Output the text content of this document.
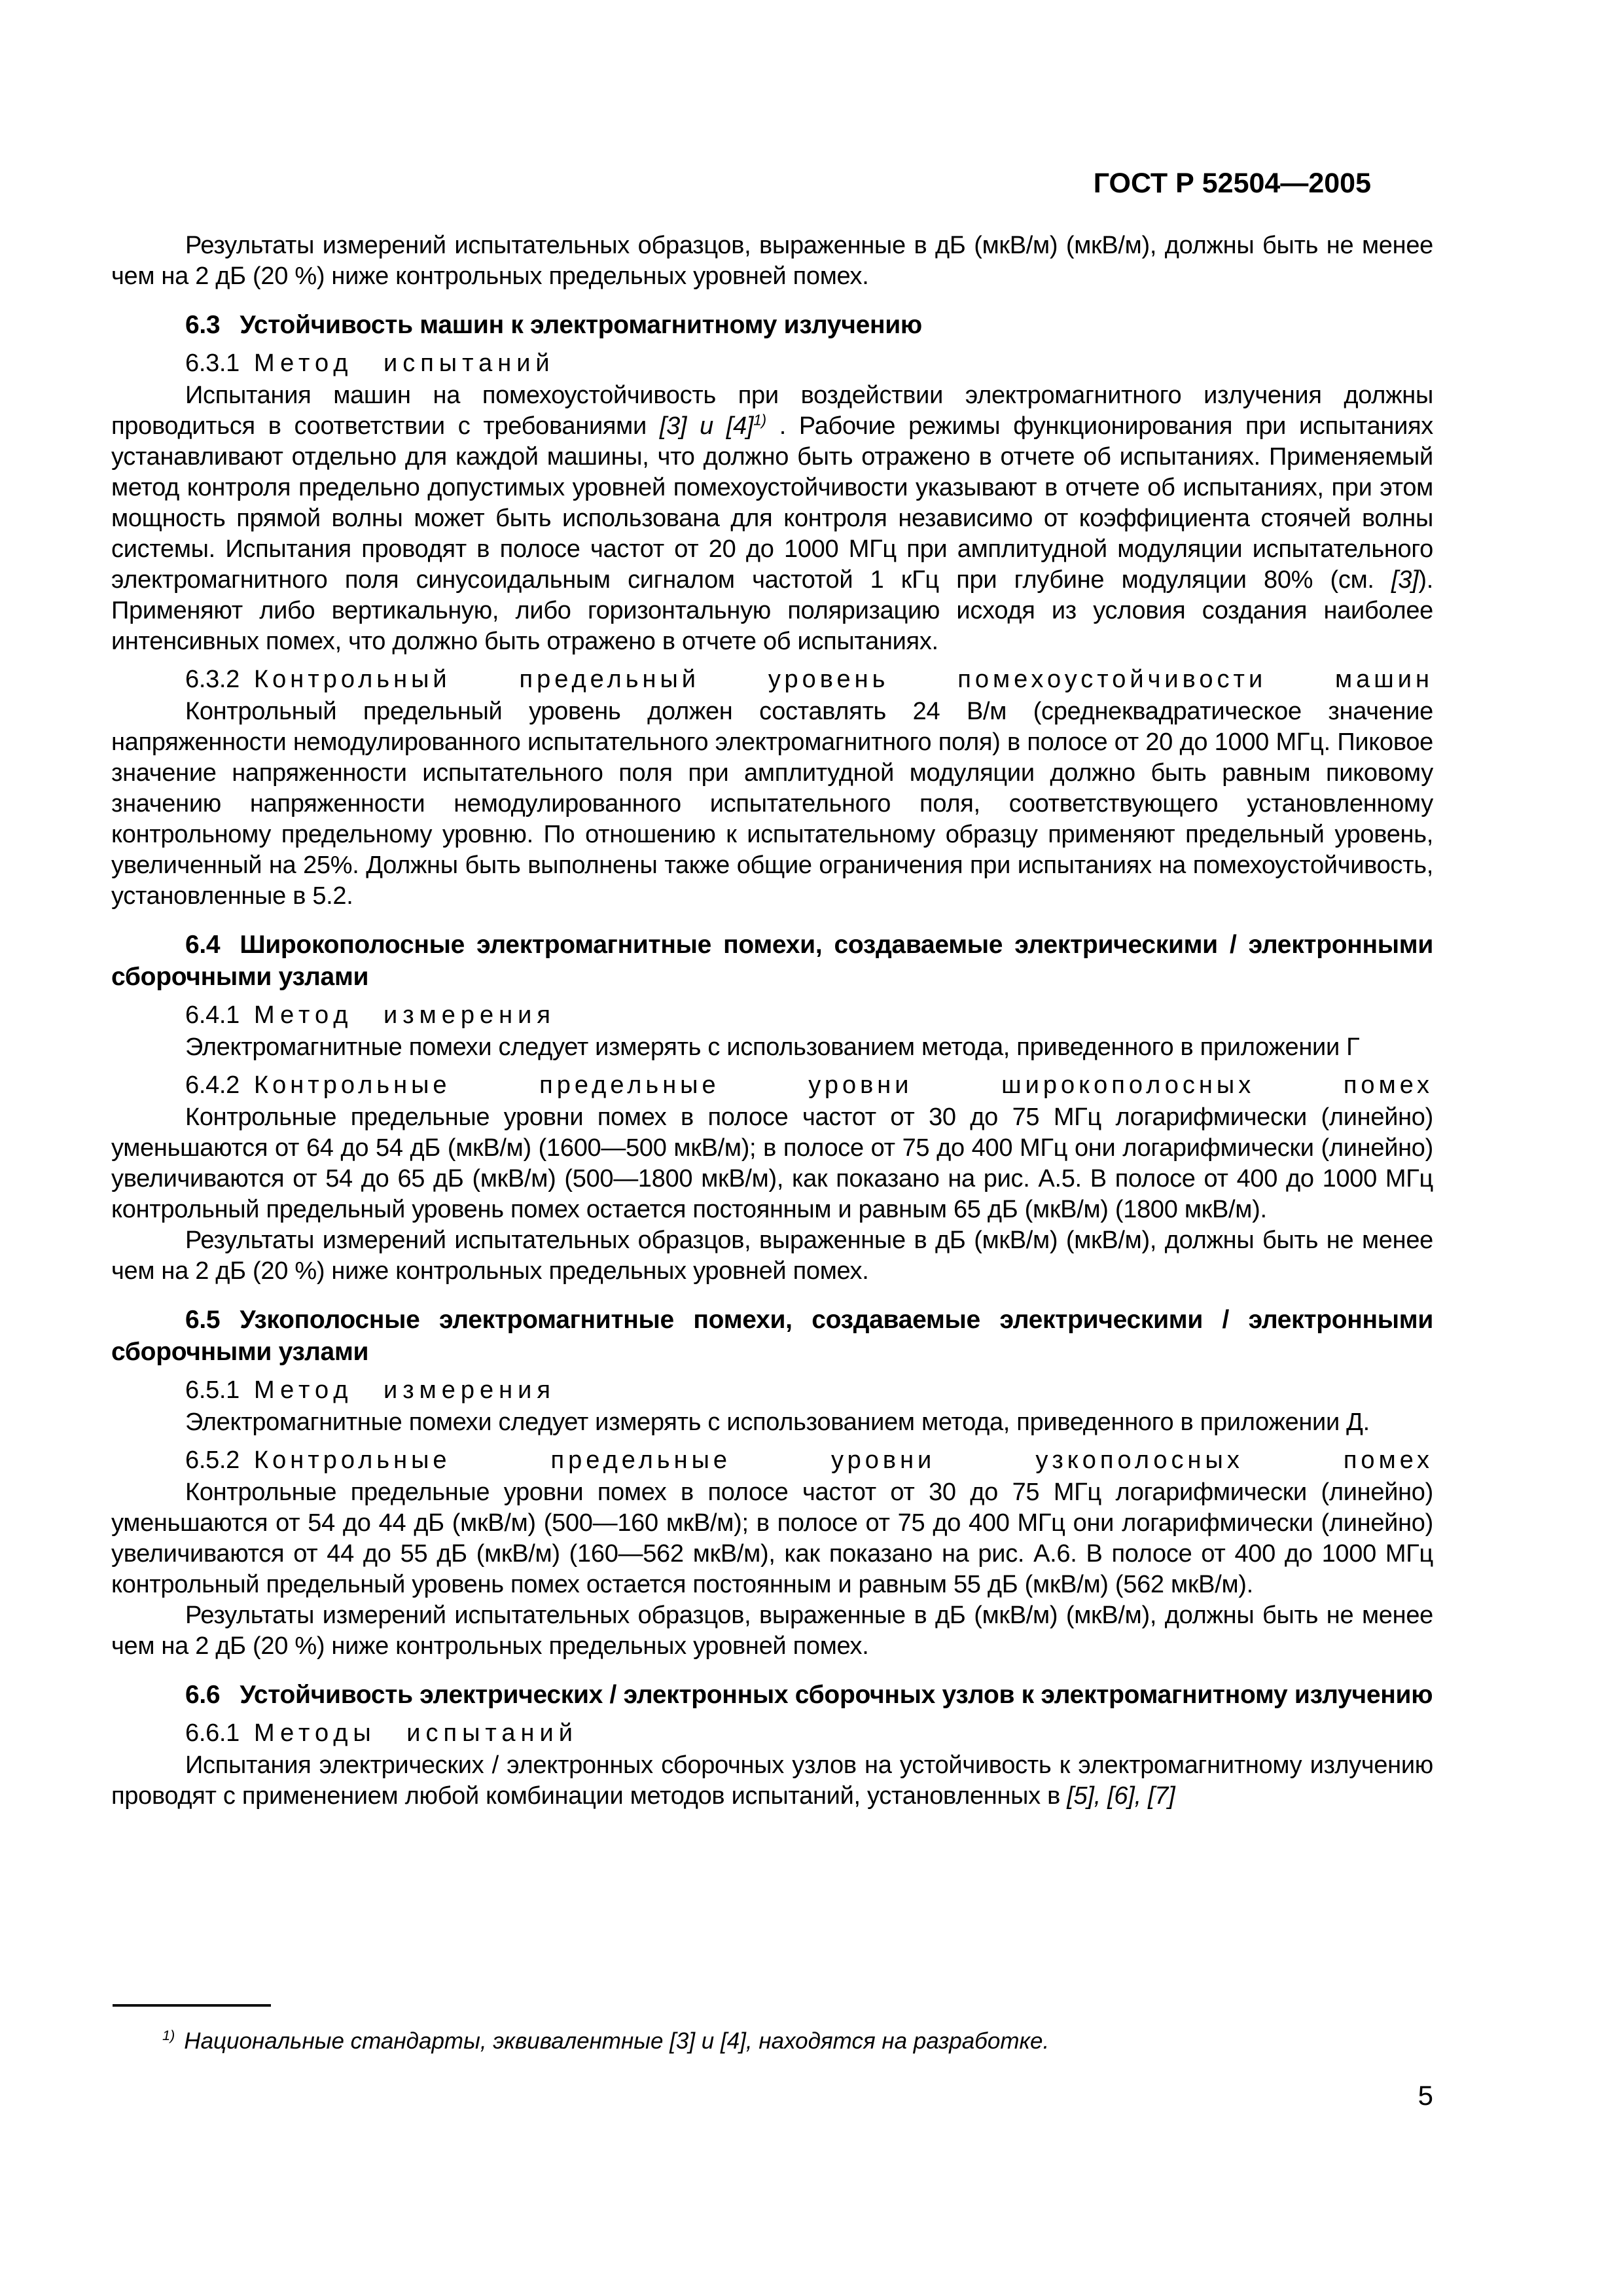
ГОСТ Р 52504—2005

Результаты измерений испытательных образцов, выраженные в дБ (мкВ/м) (мкВ/м), должны быть не менее чем на 2 дБ (20 %) ниже контрольных предельных уровней помех.

6.3 Устойчивость машин к электромагнитному излучению

6.3.1 Метод испытаний

Испытания машин на помехоустойчивость при воздействии электромагнитного излучения должны проводиться в соответствии с требованиями [3] и [4]$^{1)}$ . Рабочие режимы функционирования при испытаниях устанавливают отдельно для каждой машины, что должно быть отражено в отчете об испытаниях. Применяемый метод контроля предельно допустимых уровней помехоустойчивости указывают в отчете об испытаниях, при этом мощность прямой волны может быть использована для контроля независимо от коэффициента стоячей волны системы. Испытания проводят в полосе частот от 20 до 1000 МГц при амплитудной модуляции испытательного электромагнитного поля синусоидальным сигналом частотой 1 кГц при глубине модуляции 80% (см. [3]). Применяют либо вертикальную, либо горизонтальную поляризацию исходя из условия создания наиболее интенсивных помех, что должно быть отражено в отчете об испытаниях.

6.3.2 Контрольный предельный уровень помехоустойчивости машин

Контрольный предельный уровень должен составлять 24 В/м (среднеквадратическое значение напряженности немодулированного испытательного электромагнитного поля) в полосе от 20 до 1000 МГц. Пиковое значение напряженности испытательного поля при амплитудной модуляции должно быть равным пиковому значению напряженности немодулированного испытательного поля, соответствующего установленному контрольному предельному уровню. По отношению к испытательному образцу применяют предельный уровень, увеличенный на 25%. Должны быть выполнены также общие ограничения при испытаниях на помехоустойчивость, установленные в 5.2.

6.4 Широкополосные электромагнитные помехи, создаваемые электрическими / электронными сборочными узлами

6.4.1 Метод измерения

Электромагнитные помехи следует измерять с использованием метода, приведенного в приложении Г

6.4.2 Контрольные предельные уровни широкополосных помех

Контрольные предельные уровни помех в полосе частот от 30 до 75 МГц логарифмически (линейно) уменьшаются от 64 до 54 дБ (мкВ/м) (1600—500 мкВ/м); в полосе от 75 до 400 МГц они логарифмически (линейно) увеличиваются от 54 до 65 дБ (мкВ/м) (500—1800 мкВ/м), как показано на рис. А.5. В полосе от 400 до 1000 МГц контрольный предельный уровень помех остается постоянным и равным 65 дБ (мкВ/м) (1800 мкВ/м).

Результаты измерений испытательных образцов, выраженные в дБ (мкВ/м) (мкВ/м), должны быть не менее чем на 2 дБ (20 %) ниже контрольных предельных уровней помех.

6.5 Узкополосные электромагнитные помехи, создаваемые электрическими / электронными сборочными узлами

6.5.1 Метод измерения

Электромагнитные помехи следует измерять с использованием метода, приведенного в приложении Д.

6.5.2 Контрольные предельные уровни узкополосных помех

Контрольные предельные уровни помех в полосе частот от 30 до 75 МГц логарифмически (линейно) уменьшаются от 54 до 44 дБ (мкВ/м) (500—160 мкВ/м); в полосе от 75 до 400 МГц они логарифмически (линейно) увеличиваются от 44 до 55 дБ (мкВ/м) (160—562 мкВ/м), как показано на рис. А.6. В полосе от 400 до 1000 МГц контрольный предельный уровень помех остается постоянным и равным 55 дБ (мкВ/м) (562 мкВ/м).

Результаты измерений испытательных образцов, выраженные в дБ (мкВ/м) (мкВ/м), должны быть не менее чем на 2 дБ (20 %) ниже контрольных предельных уровней помех.

6.6 Устойчивость электрических / электронных сборочных узлов к электромагнитному излучению

6.6.1 Методы испытаний

Испытания электрических / электронных сборочных узлов на устойчивость к электромагнитному излучению проводят с применением любой комбинации методов испытаний, установленных в [5], [6], [7]

$^{1)}$ Национальные стандарты, эквивалентные [3] и [4], находятся на разработке.

5
